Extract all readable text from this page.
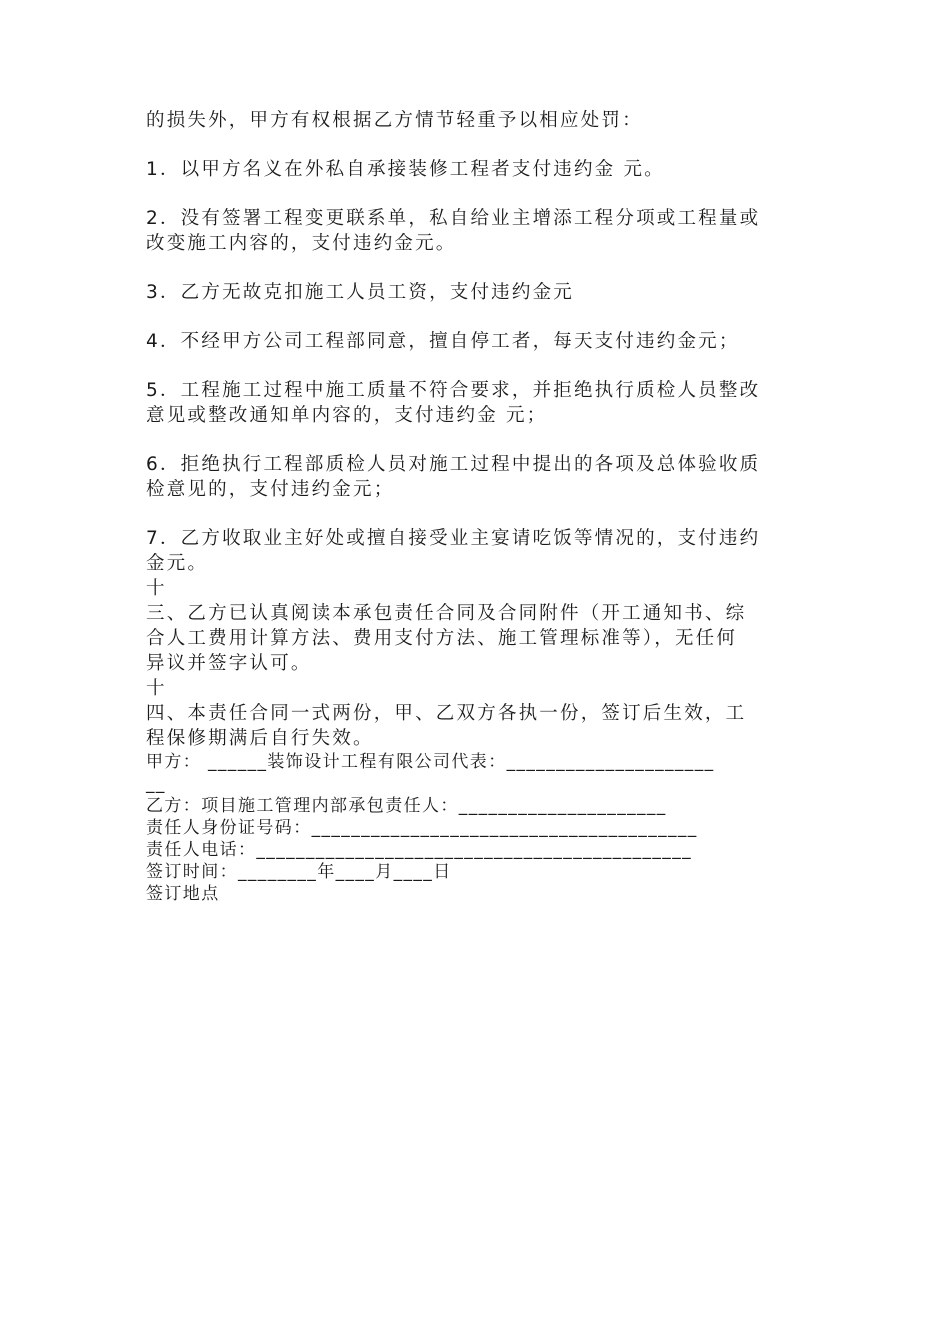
的损失外，甲方有权根据乙方情节轻重予以相应处罚：
1．以甲方名义在外私自承接装修工程者支付违约金 元。
2．没有签署工程变更联系单，私自给业主增添工程分项或工程量或
改变施工内容的，支付违约金元。
3．乙方无故克扣施工人员工资，支付违约金元
4．不经甲方公司工程部同意，擅自停工者，每天支付违约金元；
5．工程施工过程中施工质量不符合要求，并拒绝执行质检人员整改
意见或整改通知单内容的，支付违约金 元；
6．拒绝执行工程部质检人员对施工过程中提出的各项及总体验收质
检意见的，支付违约金元；
7．乙方收取业主好处或擅自接受业主宴请吃饭等情况的，支付违约
金元。
十
三、乙方已认真阅读本承包责任合同及合同附件（开工通知书、综
合人工费用计算方法、费用支付方法、施工管理标准等），无任何
异议并签字认可。
十
四、本责任合同一式两份，甲、乙双方各执一份，签订后生效，工
程保修期满后自行失效。
甲方： ______装饰设计工程有限公司代表：_____________________
__
乙方：项目施工管理内部承包责任人：_____________________
责任人身份证号码：_______________________________________
责任人电话：____________________________________________
签订时间：________年____月____日
签订地点
